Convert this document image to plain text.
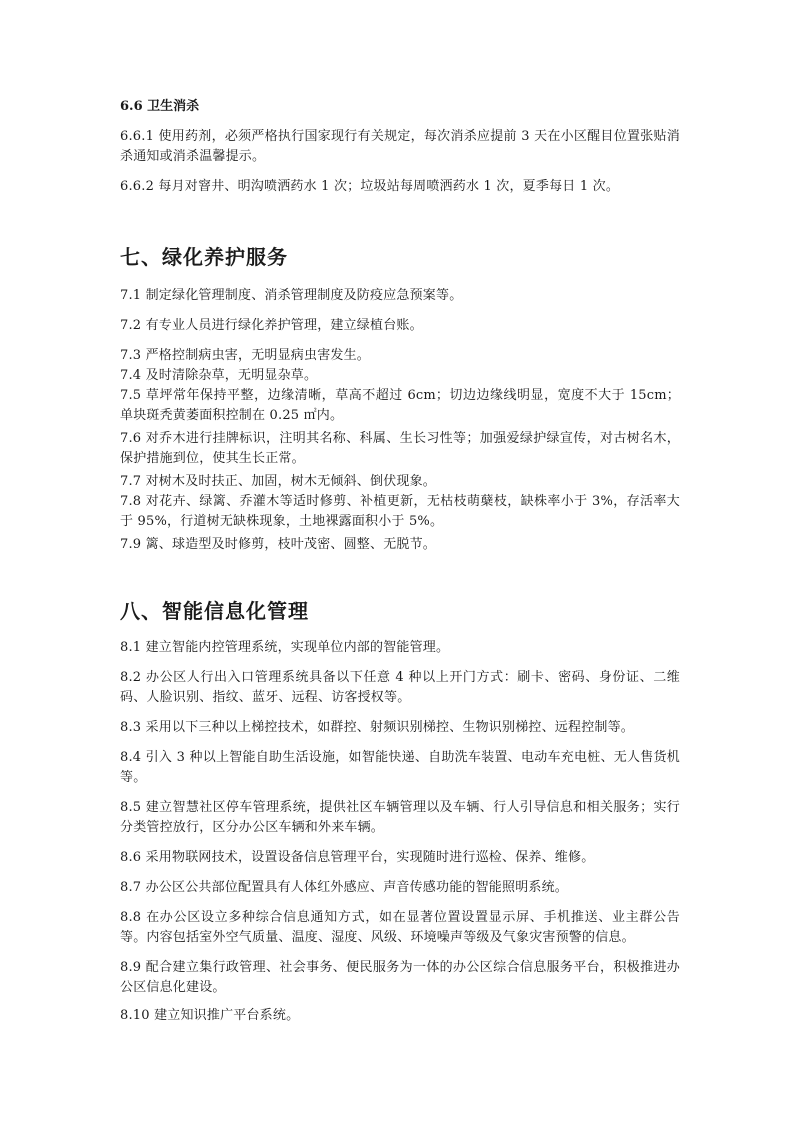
6.6 卫生消杀

6.6.1 使用药剂，必须严格执行国家现行有关规定，每次消杀应提前 3 天在小区醒目位置张贴消杀通知或消杀温馨提示。

6.6.2 每月对窨井、明沟喷洒药水 1 次；垃圾站每周喷洒药水 1 次，夏季每日 1 次。

七、绿化养护服务

7.1 制定绿化管理制度、消杀管理制度及防疫应急预案等。

7.2 有专业人员进行绿化养护管理，建立绿植台账。

7.3 严格控制病虫害，无明显病虫害发生。

7.4 及时清除杂草，无明显杂草。

7.5 草坪常年保持平整，边缘清晰，草高不超过 6cm；切边边缘线明显，宽度不大于 15cm；单块斑秃黄萎面积控制在 0.25 ㎡内。

7.6 对乔木进行挂牌标识，注明其名称、科属、生长习性等；加强爱绿护绿宣传，对古树名木，保护措施到位，使其生长正常。

7.7 对树木及时扶正、加固，树木无倾斜、倒伏现象。

7.8 对花卉、绿篱、乔灌木等适时修剪、补植更新，无枯枝萌蘖枝，缺株率小于 3%，存活率大于 95%，行道树无缺株现象，土地裸露面积小于 5%。

7.9 篱、球造型及时修剪，枝叶茂密、圆整、无脱节。

八、智能信息化管理

8.1 建立智能内控管理系统，实现单位内部的智能管理。

8.2 办公区人行出入口管理系统具备以下任意 4 种以上开门方式：刷卡、密码、身份证、二维码、人脸识别、指纹、蓝牙、远程、访客授权等。

8.3 采用以下三种以上梯控技术，如群控、射频识别梯控、生物识别梯控、远程控制等。

8.4 引入 3 种以上智能自助生活设施，如智能快递、自助洗车装置、电动车充电桩、无人售货机等。

8.5 建立智慧社区停车管理系统，提供社区车辆管理以及车辆、行人引导信息和相关服务；实行分类管控放行，区分办公区车辆和外来车辆。

8.6 采用物联网技术，设置设备信息管理平台，实现随时进行巡检、保养、维修。

8.7 办公区公共部位配置具有人体红外感应、声音传感功能的智能照明系统。

8.8 在办公区设立多种综合信息通知方式，如在显著位置设置显示屏、手机推送、业主群公告等。内容包括室外空气质量、温度、湿度、风级、环境噪声等级及气象灾害预警的信息。

8.9 配合建立集行政管理、社会事务、便民服务为一体的办公区综合信息服务平台，积极推进办公区信息化建设。

8.10 建立知识推广平台系统。
